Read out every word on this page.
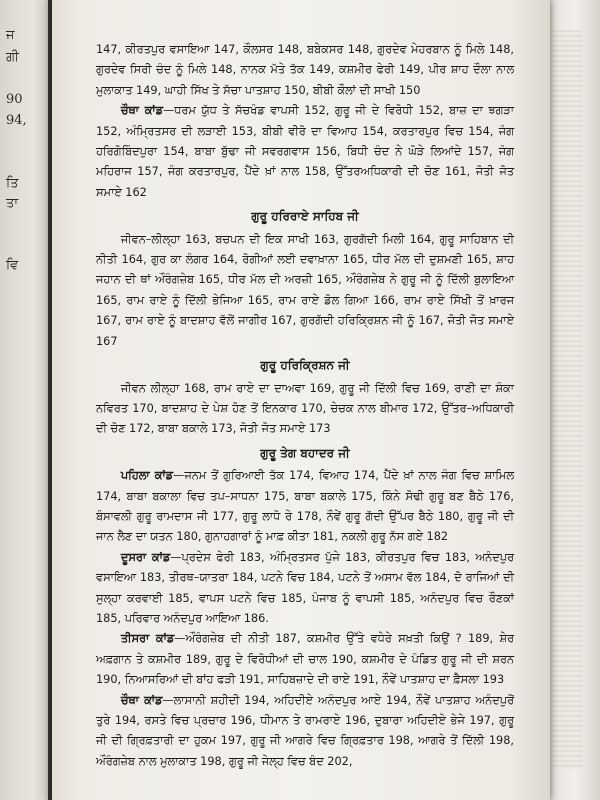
ਜ
ਗੀ
90
94,
ਤਿ
ਤਾ
ਵਿ

147, ਕੀਰਤਪੁਰ ਵਸਾਇਆ 147, ਕੌਲਸਰ 148, ਬਬੇਕਸਰ 148, ਗੁਰਦੇਵ ਮੇਹਰਬਾਨ ਨੂੰ ਮਿਲੇ 148, ਗੁਰਦੇਵ ਸਿਰੀ ਚੰਦ ਨੂੰ ਮਿਲੇ 148, ਨਾਨਕ ਮੱਤੇ ਤੱਕ 149, ਕਸ਼ਮੀਰ ਫੇਰੀ 149, ਪੀਰ ਸ਼ਾਹ ਦੌਲਾ ਨਾਲ ਮੁਲਾਕਾਤ 149, ਘਾਹੀ ਸਿੱਖ ਤੇ ਸੱਚਾ ਪਾਤਸ਼ਾਹ 150, ਬੀਬੀ ਕੌਲਾਂ ਦੀ ਸਾਖੀ 150

ਚੌਥਾ ਕਾਂਡ—ਧਰਮ ਯੁੱਧ ਤੇ ਸੱਚਖੰਡ ਵਾਪਸੀ 152, ਗੁਰੂ ਜੀ ਦੇ ਵਿਰੋਧੀ 152, ਬਾਜ਼ ਦਾ ਝਗੜਾ 152, ਅੰਮ੍ਰਿਤਸਰ ਦੀ ਲੜਾਈ 153, ਬੀਬੀ ਵੀਰੋ ਦਾ ਵਿਆਹ 154, ਕਰਤਾਰਪੁਰ ਵਿਚ 154, ਜੰਗ ਹਰਿਗੋਬਿੰਦਪੁਰਾ 154, ਬਾਬਾ ਬੁੱਢਾ ਜੀ ਸਵਰਗਵਾਸ 156, ਬਿਧੀ ਚੰਦ ਨੇ ਘੋੜੇ ਲਿਆਂਦੇ 157, ਜੰਗ ਮਹਿਰਾਜ 157, ਜੰਗ ਕਰਤਾਰਪੁਰ, ਪੈਂਦੇ ਖ਼ਾਂ ਨਾਲ 158, ਉੱਤਰਅਧਿਕਾਰੀ ਦੀ ਚੋਣ 161, ਜੋਤੀ ਜੋਤ ਸਮਾਏ 162

ਗੁਰੂ ਹਰਿਰਾਏ ਸਾਹਿਬ ਜੀ

ਜੀਵਨ–ਲੀਲ੍ਹਾ 163, ਬਚਪਨ ਦੀ ਇਕ ਸਾਖੀ 163, ਗੁਰਗੱਦੀ ਮਿਲੀ 164, ਗੁਰੂ ਸਾਹਿਬਾਨ ਦੀ ਨੀਤੀ 164, ਗੁਰ ਕਾ ਲੰਗਰ 164, ਰੋਗੀਆਂ ਲਈ ਦਵਾਖ਼ਾਨਾ 165, ਧੀਰ ਮੱਲ ਦੀ ਦੁਸ਼ਮਣੀ 165, ਸ਼ਾਹ ਜਹਾਨ ਦੀ ਥਾਂ ਔਰੰਗਜ਼ੇਬ 165, ਧੀਰ ਮੱਲ ਦੀ ਅਰਜ਼ੀ 165, ਔਰੰਗਜ਼ੇਬ ਨੇ ਗੁਰੂ ਜੀ ਨੂੰ ਦਿੱਲੀ ਬੁਲਾਇਆ 165, ਰਾਮ ਰਾਏ ਨੂੰ ਦਿੱਲੀ ਭੇਜਿਆ 165, ਰਾਮ ਰਾਏ ਡੋਲ ਗਿਆ 166, ਰਾਮ ਰਾਏ ਸਿੱਖੀ ਤੋਂ ਖ਼ਾਰਜ 167, ਰਾਮ ਰਾਏ ਨੂੰ ਬਾਦਸ਼ਾਹ ਵੱਲੋਂ ਜਾਗੀਰ 167, ਗੁਰਗੱਦੀ ਹਰਿਕ੍ਰਿਸ਼ਨ ਜੀ ਨੂੰ 167, ਜੋਤੀ ਜੋਤ ਸਮਾਏ 167

ਗੁਰੂ ਹਰਿਕ੍ਰਿਸ਼ਨ ਜੀ

ਜੀਵਨ ਲੀਲ੍ਹਾ 168, ਰਾਮ ਰਾਏ ਦਾ ਦਾਅਵਾ 169, ਗੁਰੂ ਜੀ ਦਿੱਲੀ ਵਿਚ 169, ਰਾਣੀ ਦਾ ਸ਼ੰਕਾ ਨਵਿਰਤ 170, ਬਾਦਸ਼ਾਹ ਦੇ ਪੇਸ਼ ਹੋਣ ਤੋਂ ਇਨਕਾਰ 170, ਚੇਚਕ ਨਾਲ ਬੀਮਾਰ 172, ਉੱਤਰ–ਅਧਿਕਾਰੀ ਦੀ ਚੋਣ 172, ਬਾਬਾ ਬਕਾਲੇ 173, ਜੋਤੀ ਜੋਤ ਸਮਾਏ 173

ਗੁਰੂ ਤੇਗ ਬਹਾਦਰ ਜੀ

ਪਹਿਲਾ ਕਾਂਡ—ਜਨਮ ਤੋਂ ਗੁਰਿਆਈ ਤੱਕ 174, ਵਿਆਹ 174, ਪੈਂਦੇ ਖ਼ਾਂ ਨਾਲ ਜੰਗ ਵਿਚ ਸ਼ਾਮਿਲ 174, ਬਾਬਾ ਬਕਾਲਾ ਵਿਚ ਤਪ–ਸਾਧਨਾ 175, ਬਾਬਾ ਬਕਾਲੇ 175, ਕਿੰਨੇ ਸੋਢੀ ਗੁਰੂ ਬਣ ਬੈਠੇ 176, ਬੰਸਾਵਲੀ ਗੁਰੂ ਰਾਮਦਾਸ ਜੀ 177, ਗੁਰੂ ਲਾਧੋ ਰੇ 178, ਨੌਵੇਂ ਗੁਰੂ ਗੱਦੀ ਉੱਪਰ ਬੈਠੇ 180, ਗੁਰੂ ਜੀ ਦੀ ਜਾਨ ਲੈਣ ਦਾ ਯਤਨ 180, ਗੁਨਾਹਗਾਰਾਂ ਨੂੰ ਮਾਫ਼ ਕੀਤਾ 181, ਨਕਲੀ ਗੁਰੂ ਨੱਸ ਗਏ 182

ਦੂਸਰਾ ਕਾਂਡ—ਪ੍ਰਦੇਸ ਫੇਰੀ 183, ਅੰਮ੍ਰਿਤਸਰ ਪੁੱਜੇ 183, ਕੀਰਤਪੁਰ ਵਿਚ 183, ਅਨੰਦਪੁਰ ਵਸਾਇਆ 183, ਤੀਰਥ–ਯਾਤਰਾ 184, ਪਟਨੇ ਵਿਚ 184, ਪਟਨੇ ਤੋਂ ਅਸਾਮ ਵੱਲ 184, ਦੋ ਰਾਜਿਆਂ ਦੀ ਸੁਲ੍ਹਾ ਕਰਵਾਈ 185, ਵਾਪਸ ਪਟਨੇ ਵਿਚ 185, ਪੰਜਾਬ ਨੂੰ ਵਾਪਸੀ 185, ਅਨੰਦਪੁਰ ਵਿਚ ਰੌਣਕਾਂ 185, ਪਰਿਵਾਰ ਅਨੰਦਪੁਰ ਆਇਆ 186.

ਤੀਸਰਾ ਕਾਂਡ—ਔਰੰਗਜ਼ੇਬ ਦੀ ਨੀਤੀ 187, ਕਸ਼ਮੀਰ ਉੱਤੇ ਵਧੇਰੇ ਸਖ਼ਤੀ ਕਿਉਂ ? 189, ਸ਼ੇਰ ਅਫ਼ਗਾਨ ਤੇ ਕਸ਼ਮੀਰ 189, ਗੁਰੂ ਦੇ ਵਿਰੋਧੀਆਂ ਦੀ ਚਾਲ 190, ਕਸ਼ਮੀਰ ਦੇ ਪੰਡਿਤ ਗੁਰੂ ਜੀ ਦੀ ਸ਼ਰਨ 190, ਨਿਆਸਰਿਆਂ ਦੀ ਬਾਂਹ ਫੜੀ 191, ਸਾਹਿਬਜ਼ਾਦੇ ਦੀ ਰਾਏ 191, ਨੌਵੇਂ ਪਾਤਸ਼ਾਹ ਦਾ ਫ਼ੈਸਲਾ 193

ਚੌਥਾ ਕਾਂਡ—ਲਾਸਾਨੀ ਸ਼ਹੀਦੀ 194, ਅਹਿਦੀਏ ਅਨੰਦਪੁਰ ਆਏ 194, ਨੌਵੇਂ ਪਾਤਸ਼ਾਹ ਅਨੰਦਪੁਰੋਂ ਤੁਰੇ 194, ਰਸਤੇ ਵਿਚ ਪ੍ਰਚਾਰ 196, ਧੀਮਾਨ ਤੇ ਰਾਮਰਾਏ 196, ਦੁਬਾਰਾ ਅਹਿਦੀਏ ਭੇਜੇ 197, ਗੁਰੂ ਜੀ ਦੀ ਗ੍ਰਿਫ਼ਤਾਰੀ ਦਾ ਹੁਕਮ 197, ਗੁਰੂ ਜੀ ਆਗਰੇ ਵਿਚ ਗ੍ਰਿਫ਼ਤਾਰ 198, ਆਗਰੇ ਤੋਂ ਦਿੱਲੀ 198, ਔਰੰਗਜ਼ੇਬ ਨਾਲ ਮੁਲਾਕਾਤ 198, ਗੁਰੂ ਜੀ ਜੇਲ੍ਹ ਵਿਚ ਬੰਦ 202,
